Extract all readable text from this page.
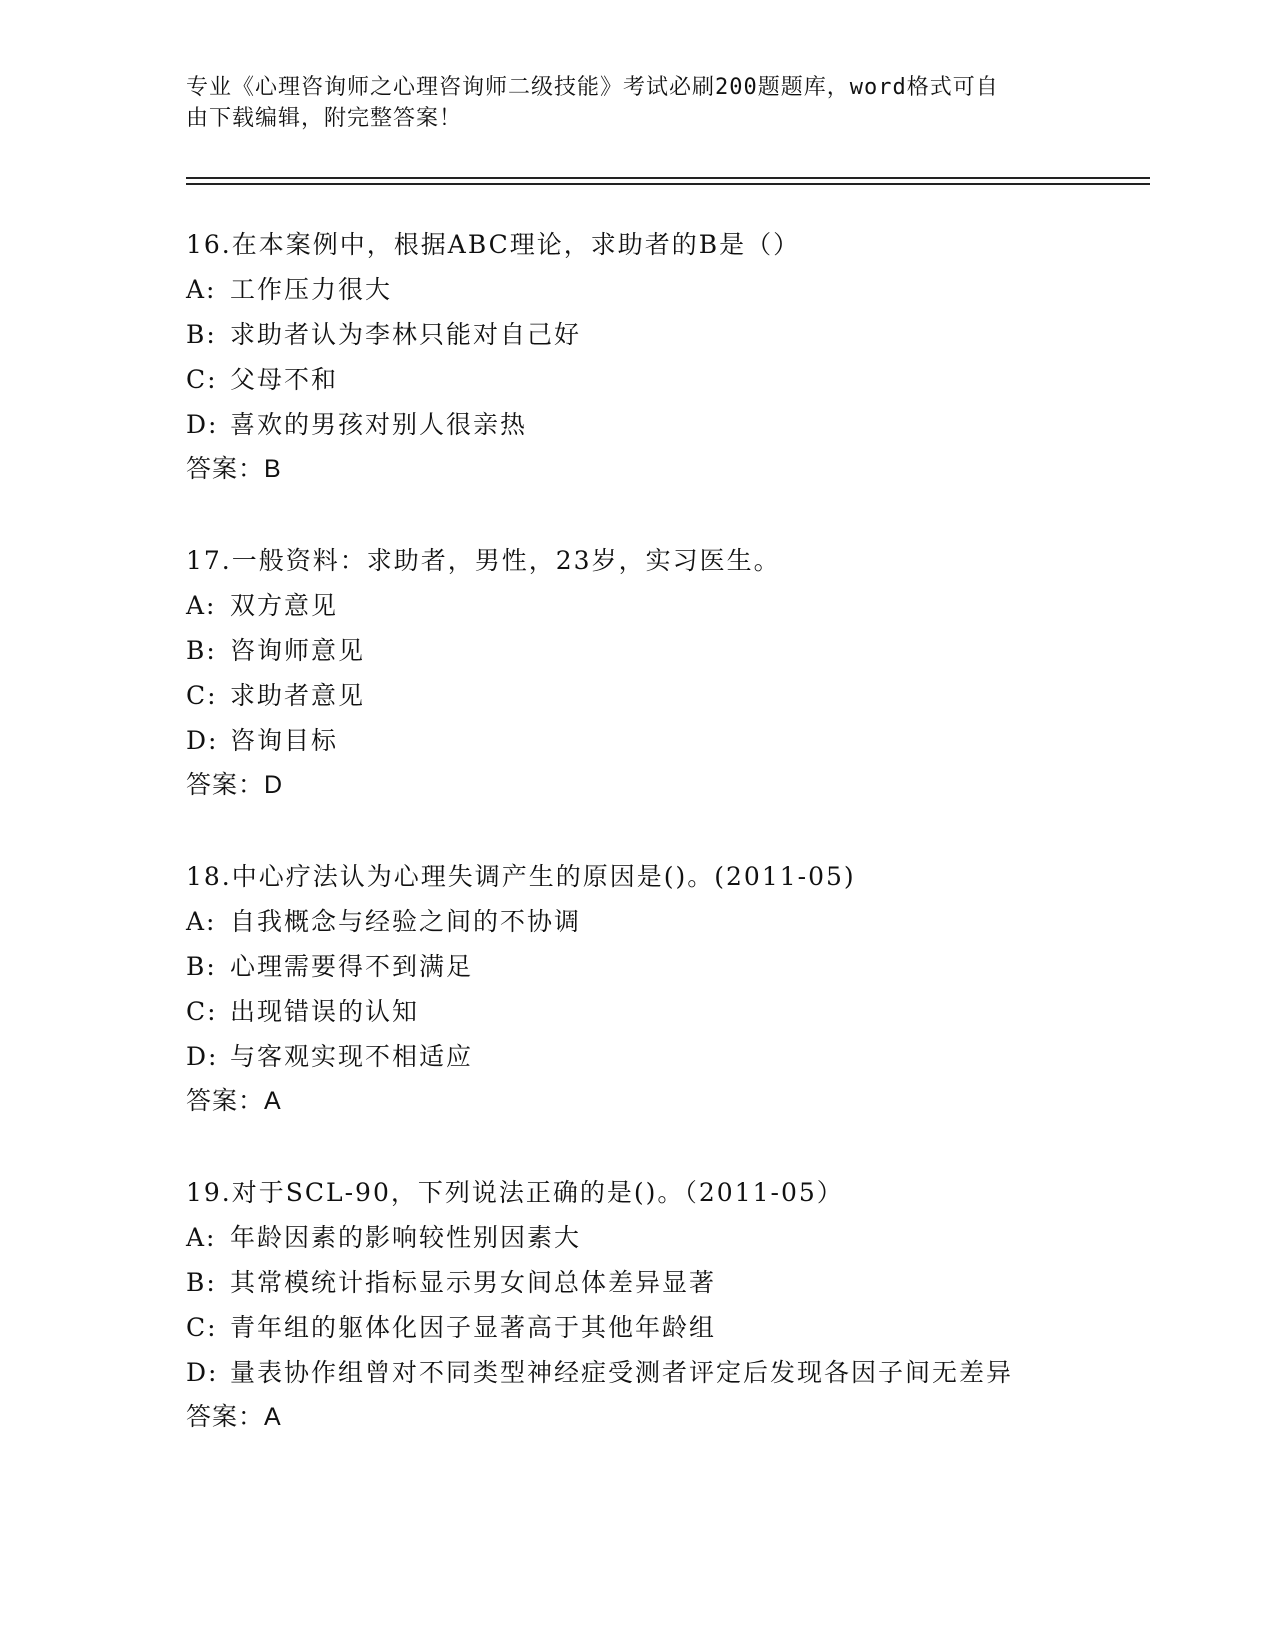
专业《心理咨询师之心理咨询师二级技能》考试必刷200题题库，word格式可自

由下载编辑，附完整答案！

16.在本案例中，根据ABC理论，求助者的B是（）

A: 工作压力很大

B: 求助者认为李林只能对自己好

C: 父母不和

D: 喜欢的男孩对别人很亲热

答案：B

17.一般资料：求助者，男性，23岁，实习医生。

A: 双方意见

B: 咨询师意见

C: 求助者意见

D: 咨询目标

答案：D

18.中心疗法认为心理失调产生的原因是()。(2011-05)

A: 自我概念与经验之间的不协调

B: 心理需要得不到满足

C: 出现错误的认知

D: 与客观实现不相适应

答案：A

19.对于SCL-90，下列说法正确的是()。（2011-05）

A: 年龄因素的影响较性别因素大

B: 其常模统计指标显示男女间总体差异显著

C: 青年组的躯体化因子显著高于其他年龄组

D: 量表协作组曾对不同类型神经症受测者评定后发现各因子间无差异

答案：A
